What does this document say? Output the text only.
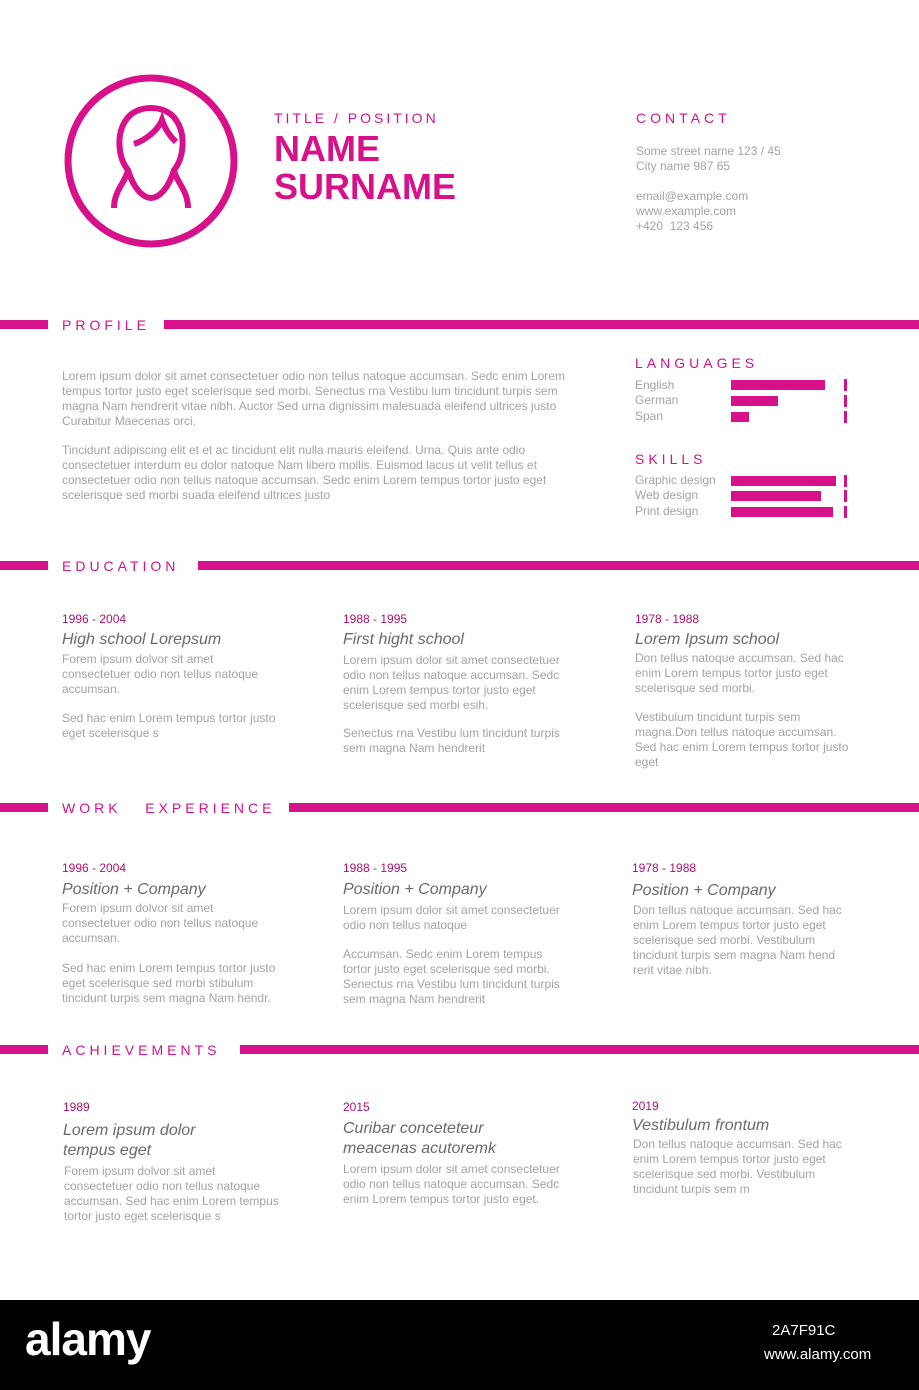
TITLE / POSITION
NAME
SURNAME
CONTACT
Some street name 123 / 45
City name 987 65
email@example.com
www.example.com
+420  123 456
PROFILE
Lorem ipsum dolor sit amet consectetuer odio non tellus natoque accumsan. Sedc enim Lorem tempus tortor justo eget scelerisque sed morbi. Senectus rna Vestibu lum tincidunt turpis sem magna Nam hendrerit vitae nibh. Auctor Sed urna dignissim malesuada eleifend ultrices justo Curabitur Maecenas orci.
Tincidunt adipiscing elit et et ac tincidunt elit nulla mauris eleifend. Urna. Quis ante odio consectetuer interdum eu dolor natoque Nam libero mollis. Euismod lacus ut velit tellus et consectetuer odio non tellus natoque accumsan. Sedc enim Lorem tempus tortor justo eget scelerisque sed morbi suada eleifend ultrices justo
LANGUAGES
English
German
Span
SKILLS
Graphic design
Web design
Print design
EDUCATION
1996 - 2004
High school Lorepsum
Forem ipsum dolvor sit amet consectetuer odio non tellus natoque accumsan.
Sed hac enim Lorem tempus tortor justo eget scelerisque s
1988 - 1995
First hight school
Lorem ipsum dolor sit amet consectetuer odio non tellus natoque accumsan. Sedc enim Lorem tempus tortor justo eget scelerisque sed morbi esih.
Senectus rna Vestibu lum tincidunt turpis sem magna Nam hendrerit
1978 - 1988
Lorem Ipsum school
Don tellus natoque accumsan. Sed hac enim Lorem tempus tortor justo eget scelerisque sed morbi.
Vestibulum tincidunt turpis sem magna.Don tellus natoque accumsan. Sed hac enim Lorem tempus tortor justo eget
WORK   EXPERIENCE
1996 - 2004
Position + Company
Forem ipsum dolvor sit amet consectetuer odio non tellus natoque accumsan.
Sed hac enim Lorem tempus tortor justo eget scelerisque sed morbi stibulum tincidunt turpis sem magna Nam hendr.
1988 - 1995
Position + Company
Lorem ipsum dolor sit amet consectetuer odio non tellus natoque
Accumsan. Sedc enim Lorem tempus tortor justo eget scelerisque sed morbi. Senectus rna Vestibu lum tincidunt turpis sem magna Nam hendrerit
1978 - 1988
Position + Company
Don tellus natoque accumsan. Sed hac enim Lorem tempus tortor justo eget scelerisque sed morbi. Vestibulum tincidunt turpis sem magna Nam hend rerit vitae nibh.
ACHIEVEMENTS
1989
Lorem ipsum dolor tempus eget
Forem ipsum dolvor sit amet consectetuer odio non tellus natoque accumsan. Sed hac enim Lorem tempus tortor justo eget scelerisque s
2015
Curibar conceteteur meacenas acutoremk
Lorem ipsum dolor sit amet consectetuer odio non tellus natoque accumsan. Sedc enim Lorem tempus tortor justo eget.
2019
Vestibulum frontum
Don tellus natoque accumsan. Sed hac enim Lorem tempus tortor justo eget scelerisque sed morbi. Vestibulum tincidunt turpis sem m
alamy	2A7F91C
www.alamy.com
